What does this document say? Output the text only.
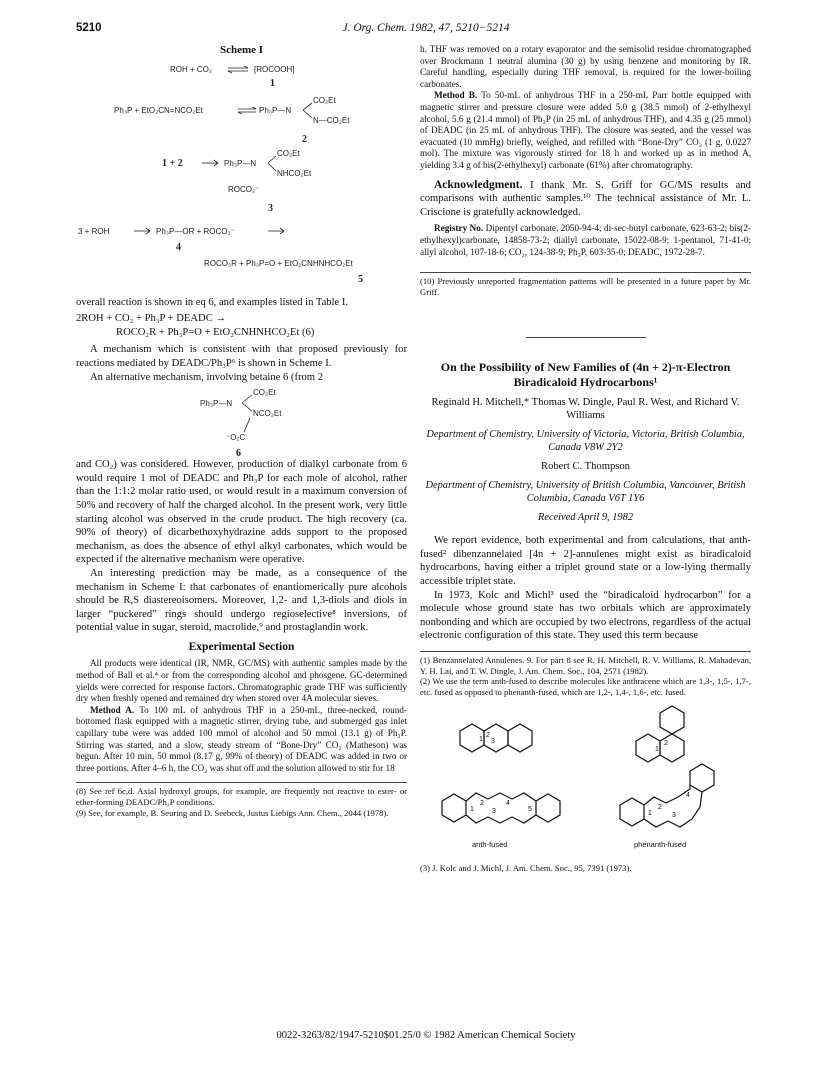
5210	J. Org. Chem. 1982, 47, 5210−5214
Scheme I
ROH + CO₂	[ROCOOH]
1
Ph₃P + EtO₂CN=NCO₂Et	Ph₃P—N
CO₂Et
N—CO₂Et
2
1 + 2	Ph₃P—N
CO₂Et
NHCO₂Et
ROCO₂⁻
3
3 + ROH	Ph₃P—OR + ROCO₂⁻
4
ROCO₂R + Ph₃P=O + EtO₂CNHNHCO₂Et
5

overall reaction is shown in eq 6, and examples listed in Table I.

2ROH + CO₂ + Ph₃P + DEADC →
ROCO₂R + Ph₃P=O + EtO₂CNHNHCO₂Et (6)

A mechanism which is consistent with that proposed previously for reactions mediated by DEADC/Ph₃P⁶ is shown in Scheme I.

An alternative mechanism, involving betaine 6 (from 2

Ph₃P—N
CO₂Et
NCO₂Et
⁻O₂C
6

and CO₂) was considered. However, production of dialkyl carbonate from 6 would require 1 mol of DEADC and Ph₃P for each mole of alcohol, rather than the 1:1:2 molar ratio used, or would result in a maximum conversion of 50% and recovery of half the charged alcohol. In the present work, very little starting alcohol was observed in the crude product. The high recovery (ca. 90% of theory) of dicarbethoxyhydrazine adds support to the proposed mechanism, as does the absence of ethyl alkyl carbonates, which would be expected if the alternative mechanism were operative.

An interesting prediction may be made, as a consequence of the mechanism in Scheme I: that carbonates of enantiomerically pure alcohols should be R,S diastereoisomers. Moreover, 1,2- and 1,3-diols and diols in larger “puckered” rings should undergo regioselective⁸ inversions, of potential value in sugar, steroid, macrolide,⁹ and prostaglandin work.

Experimental Section

All products were identical (IR, NMR, GC/MS) with authentic samples made by the method of Ball et al.⁴ or from the corresponding alcohol and phosgene. GC-determined yields were corrected for response factors. Chromatographic grade THF was sufficiently dry when freshly opened and remained dry when stored over 4A molecular sieves.

Method A. To 100 mL of anhydrous THF in a 250-mL, three-necked, round-bottomed flask equipped with a magnetic stirrer, drying tube, and submerged gas inlet capillary tube were was added 100 mmol of alcohol and 50 mmol (13.1 g) of Ph₃P. Stirring was started, and a slow, steady stream of “Bone-Dry” CO₂ (Matheson) was begun. After 10 min, 50 mmol (8.17 g, 99% of theory) of DEADC was added in two or three portions. After 4–6 h, the CO₂ was shut off and the solution allowed to stir for 18

(8) See ref 6c,d. Axial hydroxyl groups, for example, are frequently not reactive to ester- or ether-forming DEADC/Ph₃P conditions.

(9) See, for example, B. Seuring and D. Seebeck, Justus Liebigs Ann. Chem., 2044 (1978).

h. THF was removed on a rotary evaporator and the semisolid residue chromatographed over Brockmann 1 neutral alumina (30 g) by using benzene and monitoring by IR. Careful handling, especially during THF removal, is required for the lower-boiling carbonates.

Method B. To 50-mL of anhydrous THF in a 250-mL Parr bottle equipped with magnetic stirrer and pressure closure were added 5.0 g (38.5 mmol) of 2-ethylhexyl alcohol, 5.6 g (21.4 mmol) of Ph₃P (in 25 mL of anhydrous THF), and 4.35 g (25 mmol) of DEADC (in 25 mL of anhydrous THF). The closure was seated, and the vessel was evacuated (10 mmHg) briefly, weighed, and refilled with “Bone-Dry” CO₂ (1 g, 0.0227 mol). The mixture was vigorously stirred for 18 h and worked up as in method A, yielding 3.4 g of bis(2-ethylhexyl) carbonate (61%) after chromatography.

Acknowledgment. I thank Mr. S. Griff for GC/MS results and comparisons with authentic samples.¹⁰ The technical assistance of Mr. L. Criscione is gratefully acknowledged.

Registry No. Dipentyl carbonate, 2050-94-4; di-sec-butyl carbonate, 623-63-2; bis(2-ethylhexyl)carbonate, 14858-73-2; diallyl carbonate, 15022-08-9; 1-pentanol, 71-41-0; allyl alcohol, 107-18-6; CO₂, 124-38-9; Ph₃P, 603-35-0; DEADC, 1972-28-7.

(10) Previously unreported fragmentation patterns will be presented in a future paper by Mr. Griff.

On the Possibility of New Families of (4n + 2)-π-Electron Biradicaloid Hydrocarbons¹

Reginald H. Mitchell,* Thomas W. Dingle, Paul R. West, and Richard V. Williams

Department of Chemistry, University of Victoria, Victoria, British Columbia, Canada V8W 2Y2

Robert C. Thompson

Department of Chemistry, University of British Columbia, Vancouver, British Columbia, Canada V6T 1Y6

Received April 9, 1982

We report evidence, both experimental and from calculations, that anth-fused² dibenzannelated [4n + 2]-annulenes might exist as biradicaloid hydrocarbons, having either a triplet ground state or a low-lying thermally accessible triplet state.

In 1973, Kolc and Michl³ used the “biradicaloid hydrocarbon” for a molecule whose ground state has two orbitals which are approximately nonbonding and which are occupied by two electrons, regardless of the actual electronic configuration of this state. They used this term because

(1) Benzannelated Annulenes. 9. For part 8 see R. H. Mitchell, R. V. Williams, R. Mahadevan, Y. H. Lai, and T. W. Dingle, J. Am. Chem. Soc., 104, 2571 (1982).

(2) We use the term anth-fused to describe molecules like anthracene which are 1,3-, 1,5-, 1,7-, etc. fused as opposed to phenanth-fused, which are 1,2-, 1,4-, 1,6-, etc. fused.

1
2
3
1
2
1
2
3
4
5
1
2
3
4
anth-fused	phenanth-fused

(3) J. Kolc and J. Michl, J. Am. Chem. Soc., 95, 7391 (1973).

0022-3263/82/1947-5210$01.25/0 © 1982 American Chemical Society
